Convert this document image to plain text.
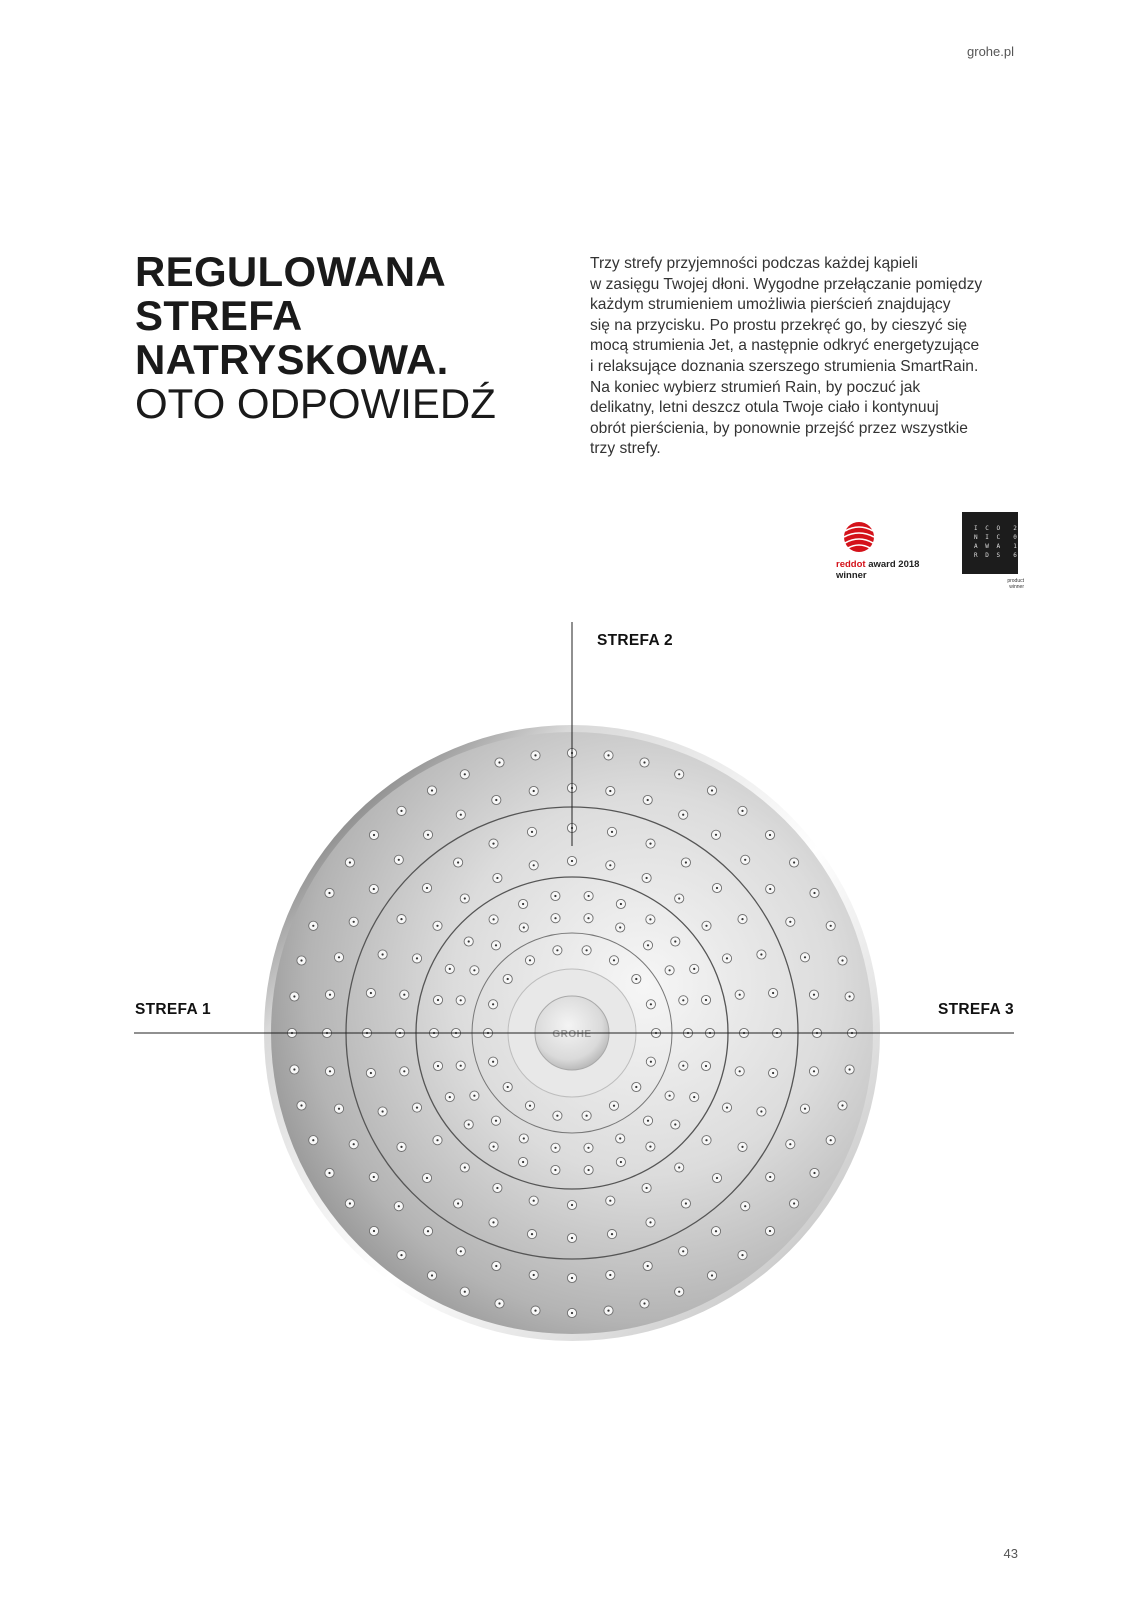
grohe.pl

REGULOWANA

STREFA

NATRYSKOWA.

OTO ODPOWIEDŹ

Trzy strefy przyjemności podczas każdej kąpieli
w zasięgu Twojej dłoni. Wygodne przełączanie pomiędzy
każdym strumieniem umożliwia pierścień znajdujący
się na przycisku. Po prostu przekręć go, by cieszyć się
mocą strumienia Jet, a następnie odkryć energetyzujące
i relaksujące doznania szerszego strumienia SmartRain.
Na koniec wybierz strumień Rain, by poczuć jak
delikatny, letni deszcz otula Twoje ciało i kontynuuj
obrót pierścienia, by ponownie przejść przez wszystkie
trzy strefy.
reddot award 2018
winner
I C O  2
N I C  0
A W A  1
R D S  6
product
winner
GROHE
STREFA 1
STREFA 2
STREFA 3
43
